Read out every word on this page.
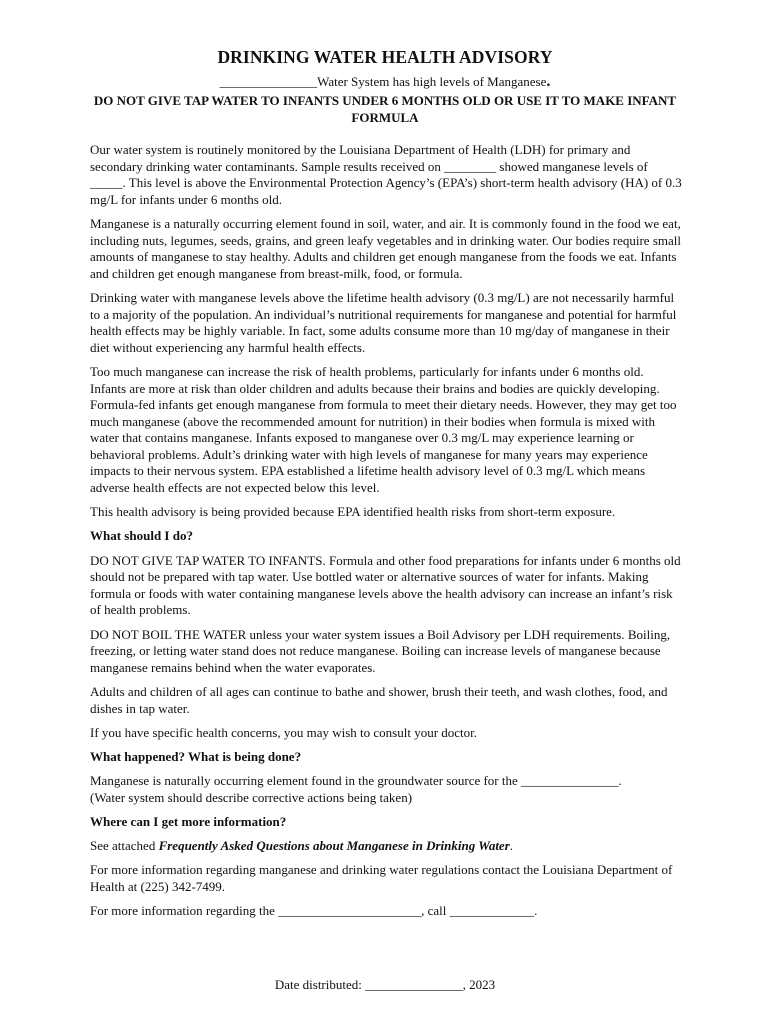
DRINKING WATER HEALTH ADVISORY
_______________Water System has high levels of Manganese.
DO NOT GIVE TAP WATER TO INFANTS UNDER 6 MONTHS OLD OR USE IT TO MAKE INFANT FORMULA

Our water system is routinely monitored by the Louisiana Department of Health (LDH) for primary and secondary drinking water contaminants. Sample results received on ________ showed manganese levels of _____. This level is above the Environmental Protection Agency’s (EPA’s) short-term health advisory (HA) of 0.3 mg/L for infants under 6 months old.

Manganese is a naturally occurring element found in soil, water, and air. It is commonly found in the food we eat, including nuts, legumes, seeds, grains, and green leafy vegetables and in drinking water. Our bodies require small amounts of manganese to stay healthy. Adults and children get enough manganese from the foods we eat. Infants and children get enough manganese from breast-milk, food, or formula.

Drinking water with manganese levels above the lifetime health advisory (0.3 mg/L) are not necessarily harmful to a majority of the population. An individual’s nutritional requirements for manganese and potential for harmful health effects may be highly variable. In fact, some adults consume more than 10 mg/day of manganese in their diet without experiencing any harmful health effects.

Too much manganese can increase the risk of health problems, particularly for infants under 6 months old. Infants are more at risk than older children and adults because their brains and bodies are quickly developing. Formula-fed infants get enough manganese from formula to meet their dietary needs. However, they may get too much manganese (above the recommended amount for nutrition) in their bodies when formula is mixed with water that contains manganese. Infants exposed to manganese over 0.3 mg/L may experience learning or behavioral problems. Adult’s drinking water with high levels of manganese for many years may experience impacts to their nervous system. EPA established a lifetime health advisory level of 0.3 mg/L which means adverse health effects are not expected below this level.

This health advisory is being provided because EPA identified health risks from short-term exposure.

What should I do?

DO NOT GIVE TAP WATER TO INFANTS. Formula and other food preparations for infants under 6 months old should not be prepared with tap water. Use bottled water or alternative sources of water for infants. Making formula or foods with water containing manganese levels above the health advisory can increase an infant’s risk of health problems.

DO NOT BOIL THE WATER unless your water system issues a Boil Advisory per LDH requirements. Boiling, freezing, or letting water stand does not reduce manganese. Boiling can increase levels of manganese because manganese remains behind when the water evaporates.

Adults and children of all ages can continue to bathe and shower, brush their teeth, and wash clothes, food, and dishes in tap water.

If you have specific health concerns, you may wish to consult your doctor.

What happened? What is being done?

Manganese is naturally occurring element found in the groundwater source for the _______________.
(Water system should describe corrective actions being taken)

Where can I get more information?

See attached Frequently Asked Questions about Manganese in Drinking Water.

For more information regarding manganese and drinking water regulations contact the Louisiana Department of Health at (225) 342-7499.

For more information regarding the ______________________, call _____________.

Date distributed: _______________, 2023
